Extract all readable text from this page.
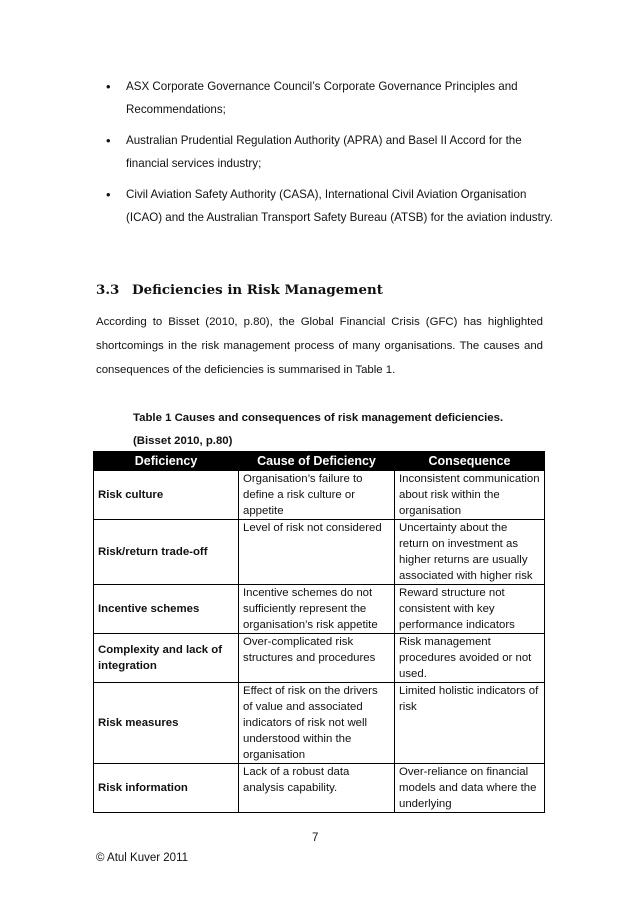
• ASX Corporate Governance Council’s Corporate Governance Principles and Recommendations;
• Australian Prudential Regulation Authority (APRA) and Basel II Accord for the financial services industry;
• Civil Aviation Safety Authority (CASA), International Civil Aviation Organisation (ICAO) and the Australian Transport Safety Bureau (ATSB) for the aviation industry.
3.3 Deficiencies in Risk Management

According to Bisset (2010, p.80), the Global Financial Crisis (GFC) has highlighted shortcomings in the risk management process of many organisations. The causes and consequences of the deficiencies is summarised in Table 1.

Table 1 Causes and consequences of risk management deficiencies. (Bisset 2010, p.80)

Deficiency	Cause of Deficiency	Consequence
Risk culture	Organisation’s failure to define a risk culture or appetite	Inconsistent communication about risk within the organisation
Risk/return trade-off	Level of risk not considered	Uncertainty about the return on investment as higher returns are usually associated with higher risk
Incentive schemes	Incentive schemes do not sufficiently represent the organisation’s risk appetite	Reward structure not consistent with key performance indicators
Complexity and lack of integration	Over-complicated risk structures and procedures	Risk management procedures avoided or not used.
Risk measures	Effect of risk on the drivers of value and associated indicators of risk not well understood within the organisation	Limited holistic indicators of risk
Risk information	Lack of a robust data analysis capability.	Over-reliance on financial models and data where the underlying
7
© Atul Kuver 2011
